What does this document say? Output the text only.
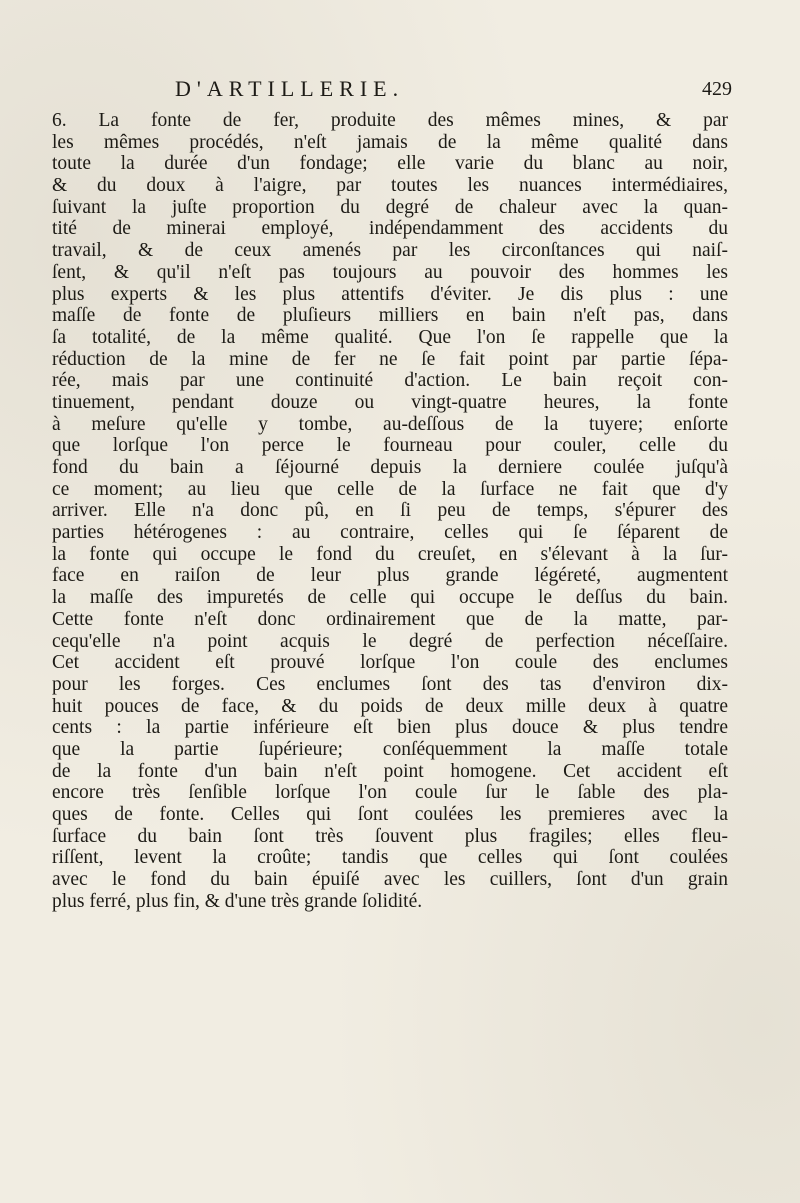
D'ARTILLERIE.	429
6. La fonte de fer, produite des mêmes mines, & par
les mêmes procédés, n'eſt jamais de la même qualité dans
toute la durée d'un fondage; elle varie du blanc au noir,
& du doux à l'aigre, par toutes les nuances intermédiaires,
ſuivant la juſte proportion du degré de chaleur avec la quan-
tité de minerai employé, indépendamment des accidents du
travail, & de ceux amenés par les circonſtances qui naiſ-
ſent, & qu'il n'eſt pas toujours au pouvoir des hommes les
plus experts & les plus attentifs d'éviter. Je dis plus : une
maſſe de fonte de pluſieurs milliers en bain n'eſt pas, dans
ſa totalité, de la même qualité. Que l'on ſe rappelle que la
réduction de la mine de fer ne ſe fait point par partie ſépa-
rée, mais par une continuité d'action. Le bain reçoit con-
tinuement, pendant douze ou vingt-quatre heures, la fonte
à meſure qu'elle y tombe, au-deſſous de la tuyere; enſorte
que lorſque l'on perce le fourneau pour couler, celle du
fond du bain a ſéjourné depuis la derniere coulée juſqu'à
ce moment; au lieu que celle de la ſurface ne fait que d'y
arriver. Elle n'a donc pû, en ſi peu de temps, s'épurer des
parties hétérogenes : au contraire, celles qui ſe ſéparent de
la fonte qui occupe le fond du creuſet, en s'élevant à la ſur-
face en raiſon de leur plus grande légéreté, augmentent
la maſſe des impuretés de celle qui occupe le deſſus du bain.
Cette fonte n'eſt donc ordinairement que de la matte, par-
cequ'elle n'a point acquis le degré de perfection néceſſaire.
Cet accident eſt prouvé lorſque l'on coule des enclumes
pour les forges. Ces enclumes ſont des tas d'environ dix-
huit pouces de face, & du poids de deux mille deux à quatre
cents : la partie inférieure eſt bien plus douce & plus tendre
que la partie ſupérieure; conſéquemment la maſſe totale
de la fonte d'un bain n'eſt point homogene. Cet accident eſt
encore très ſenſible lorſque l'on coule ſur le ſable des pla-
ques de fonte. Celles qui ſont coulées les premieres avec la
ſurface du bain ſont très ſouvent plus fragiles; elles fleu-
riſſent, levent la croûte; tandis que celles qui ſont coulées
avec le fond du bain épuiſé avec les cuillers, ſont d'un grain
plus ferré, plus fin, & d'une très grande ſolidité.
